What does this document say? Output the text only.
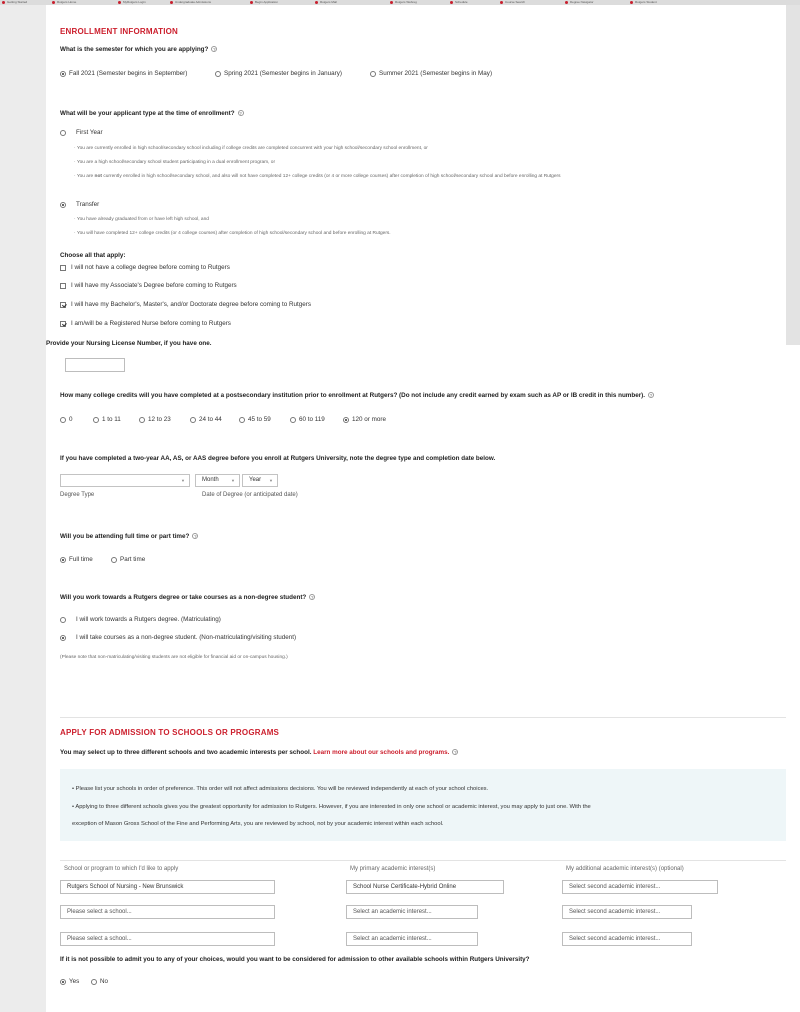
Getting Started	Rutgers Home	MyRutgers Login	Undergraduate Admissions	Begin Application	Rutgers Mail	Rutgers Webreg	Schedule	Course Search	Degree Navigator	Rutgers Student
ENROLLMENT INFORMATION
What is the semester for which you are applying? ?
Fall 2021 (Semester begins in September)	Spring 2021 (Semester begins in January)	Summer 2021 (Semester begins in May)
What will be your applicant type at the time of enrollment? ?
First Year
· You are currently enrolled in high school/secondary school including if college credits are completed concurrent with your high school/secondary school enrollment, or
· You are a high school/secondary school student participating in a dual enrollment program, or
· You are not currently enrolled in high school/secondary school, and also will not have completed 12+ college credits (or 4 or more college courses) after completion of high school/secondary school and before enrolling at Rutgers
Transfer
· You have already graduated from or have left high school, and
· You will have completed 12+ college credits (or 4 college courses) after completion of high school/secondary school and before enrolling at Rutgers.
Choose all that apply:
I will not have a college degree before coming to Rutgers
I will have my Associate's Degree before coming to Rutgers
I will have my Bachelor's, Master's, and/or Doctorate degree before coming to Rutgers
I am/will be a Registered Nurse before coming to Rutgers
Provide your Nursing License Number, if you have one.
How many college credits will you have completed at a postsecondary institution prior to enrollment at Rutgers? (Do not include any credit earned by exam such as AP or IB credit in this number). ?
0	1 to 11	12 to 23	24 to 44	45 to 59	60 to 119	120 or more
If you have completed a two-year AA, AS, or AAS degree before you enroll at Rutgers University, note the degree type and completion date below.
▼	Month	▼	Year ▼
Degree Type	Date of Degree (or anticipated date)
Will you be attending full time or part time? ?
Full time	Part time
Will you work towards a Rutgers degree or take courses as a non-degree student? ?
I will work towards a Rutgers degree. (Matriculating)
I will take courses as a non-degree student. (Non-matriculating/visiting student)
(Please note that non-matriculating/visiting students are not eligible for financial aid or on-campus housing.)
APPLY FOR ADMISSION TO SCHOOLS OR PROGRAMS
You may select up to three different schools and two academic interests per school. Learn more about our schools and programs. ?
• Please list your schools in order of preference. This order will not affect admissions decisions. You will be reviewed independently at each of your school choices.
• Applying to three different schools gives you the greatest opportunity for admission to Rutgers. However, if you are interested in only one school or academic interest, you may apply to just one. With the
exception of Mason Gross School of the Fine and Performing Arts, you are reviewed by school, not by your academic interest within each school.
School or program to which I'd like to apply	My primary academic interest(s)	My additional academic interest(s) (optional)
Rutgers School of Nursing - New Brunswick	School Nurse Certificate-Hybrid Online	Select second academic interest...
Please select a school...	Select an academic interest...	Select second academic interest...
Please select a school...	Select an academic interest...	Select second academic interest...
If it is not possible to admit you to any of your choices, would you want to be considered for admission to other available schools within Rutgers University?
Yes	No
